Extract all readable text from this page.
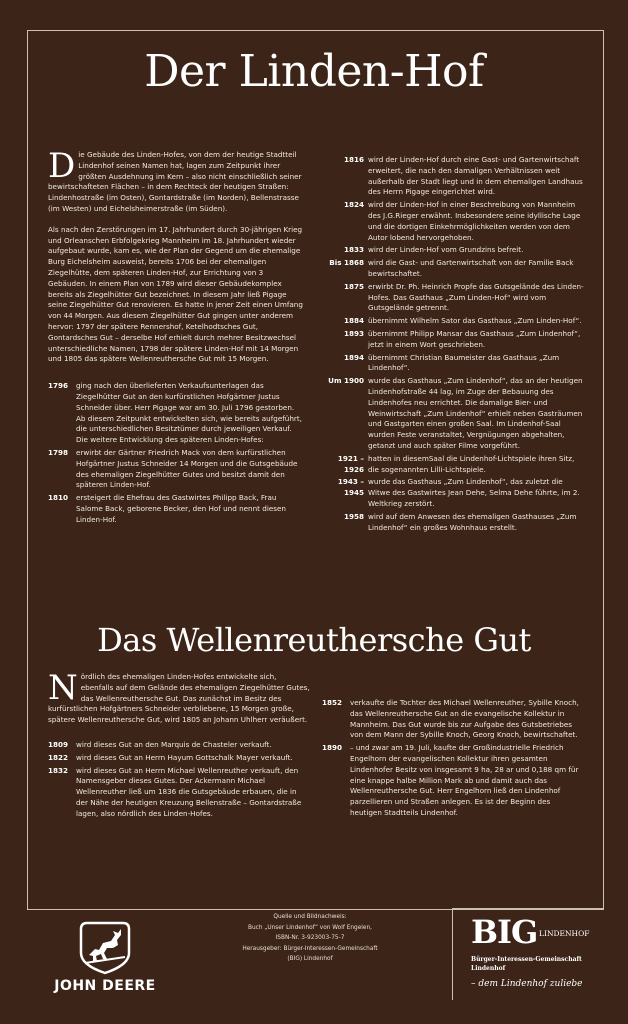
Der Linden-Hof

Die Gebäude des Linden-Hofes, von dem der heutige Stadtteil Lindenhof seinen Namen hat, lagen zum Zeitpunkt ihrer größten Ausdehnung im Kern – also nicht einschließlich seiner bewirtschafteten Flächen – in dem Rechteck der heutigen Straßen: Lindenhostraße (im Osten), Gontardstraße (im Norden), Bellenstrasse (im Westen) und Eichelsheimerstraße (im Süden).

Als nach den Zerstörungen im 17. Jahrhundert durch 30-jährigen Krieg und Orleanschen Erbfolgekrieg Mannheim im 18. Jahrhundert wieder aufgebaut wurde, kam es, wie der Plan der Gegend um die ehemalige Burg Eichelsheim ausweist, bereits 1706 bei der ehemaligen Ziegelhütte, dem späteren Linden-Hof, zur Errichtung von 3 Gebäuden. In einem Plan von 1789 wird dieser Gebäudekomplex bereits als Ziegelhütter Gut bezeichnet. In diesem Jahr ließ Pigage seine Ziegelhütter Gut renovieren. Es hatte in jener Zeit einen Umfang von 44 Morgen. Aus diesem Ziegelhütter Gut gingen unter anderem hervor: 1797 der spätere Rennershof, Ketelhodtsches Gut, Gontardsches Gut – derselbe Hof erhielt durch mehrer Besitzwechsel unterschiedliche Namen, 1798 der spätere Linden-Hof mit 14 Morgen und 1805 das spätere Wellenreuthersche Gut mit 15 Morgen.

1796 ging nach den überlieferten Verkaufsunterlagen das Ziegelhütter Gut an den kurfürstlichen Hofgärtner Justus Schneider über. Herr Pigage war am 30. Juli 1796 gestorben. Ab diesem Zeitpunkt entwickelten sich, wie bereits aufgeführt, die unterschiedlichen Besitztümer durch jeweiligen Verkauf. Die weitere Entwicklung des späteren Linden-Hofes:
1798 erwirbt der Gärtner Friedrich Mack von dem kurfürstlichen Hofgärtner Justus Schneider 14 Morgen und die Gutsgebäude des ehemaligen Ziegelhütter Gutes und besitzt damit den späteren Linden-Hof.
1810 ersteigert die Ehefrau des Gastwirtes Philipp Back, Frau Salome Back, geborene Becker, den Hof und nennt diesen Linden-Hof.
1816 wird der Linden-Hof durch eine Gast- und Gartenwirtschaft erweitert, die nach den damaligen Verhältnissen weit außerhalb der Stadt liegt und in dem ehemaligen Landhaus des Herrn Pigage eingerichtet wird.
1824 wird der Linden-Hof in einer Beschreibung von Mannheim des J.G.Rieger erwähnt. Insbesondere seine idyllische Lage und die dortigen Einkehrmöglichkeiten werden von dem Autor lobend hervorgehoben.
1833 wird der Linden-Hof vom Grundzins befreit.
Bis 1868 wird die Gast- und Gartenwirtschaft von der Familie Back bewirtschaftet.
1875 erwirbt Dr. Ph. Heinrich Propfe das Gutsgelände des Linden-Hofes. Das Gasthaus „Zum Linden-Hof“ wird vom Gutsgelände getrennt.
1884 übernimmt Wilhelm Sator das Gasthaus „Zum Linden-Hof“.
1893 übernimmt Philipp Mansar das Gasthaus „Zum Lindenhof“, jetzt in einem Wort geschrieben.
1894 übernimmt Christian Baumeister das Gasthaus „Zum Lindenhof“.
Um 1900 wurde das Gasthaus „Zum Lindenhof“, das an der heutigen Lindenhofstraße 44 lag, im Zuge der Bebauung des Lindenhofes neu errichtet. Die damalige Bier- und Weinwirtschaft „Zum Lindenhof“ erhielt neben Gasträumen und Gastgarten einen großen Saal. Im Lindenhof-Saal wurden Feste veranstaltet, Vergnügungen abgehalten, getanzt und auch später Filme vorgeführt.
1921 – 1926
hatten in diesemSaal die Lindenhof-Lichtspiele ihren Sitz, die sogenannten Lilli-Lichtspiele.
1943 – 1945
wurde das Gasthaus „Zum Lindenhof“, das zuletzt die Witwe des Gastwirtes Jean Dehe, Selma Dehe führte, im 2. Weltkrieg zerstört.
1958 wird auf dem Anwesen des ehemaligen Gasthauses „Zum Lindenhof“ ein großes Wohnhaus erstellt.
Das Wellenreuthersche Gut

Nördlich des ehemaligen Linden-Hofes entwickelte sich, ebenfalls auf dem Gelände des ehemaligen Ziegelhütter Gutes, das Wellenreuthersche Gut. Das zunächst im Besitz des kurfürstlichen Hofgärtners Schneider verbliebene, 15 Morgen große, spätere Wellenreuthersche Gut, wird 1805 an Johann Uhlherr veräußert.

1809 wird dieses Gut an den Marquis de Chasteler verkauft.
1822 wird dieses Gut an Herrn Hayum Gottschalk Mayer verkauft.
1832 wird dieses Gut an Herrn Michael Wellenreuther verkauft, den Namensgeber dieses Gutes. Der Ackermann Michael Wellenreuther ließ um 1836 die Gutsgebäude erbauen, die in der Nähe der heutigen Kreuzung Bellenstraße – Gontardstraße lagen, also nördlich des Linden-Hofes.
1852 verkaufte die Tochter des Michael Wellenreuther, Sybille Knoch, das Wellenreuthersche Gut an die evangelische Kollektur in Mannheim. Das Gut wurde bis zur Aufgabe des Gutsbetriebes von dem Mann der Sybille Knoch, Georg Knoch, bewirtschaftet.
1890 – und zwar am 19. Juli, kaufte der Großindustrielle Friedrich Engelhorn der evangelischen Kollektur ihren gesamten Lindenhofer Besitz von insgesamt 9 ha, 28 ar und 0,188 qm für eine knappe halbe Million Mark ab und damit auch das Wellenreuthersche Gut. Herr Engelhorn ließ den Lindenhof parzellieren und Straßen anlegen. Es ist der Beginn des heutigen Stadtteils Lindenhof.
JOHN DEERE
Quelle und Bildnachweis:
Buch „Unser Lindenhof“ von Wolf Engelen,
ISBN-Nr. 3-923003-75-7
Herausgeber: Bürger-Interessen-Gemeinschaft
(BIG) Lindenhof
BIG LINDENHOF
Bürger-Interessen-Gemeinschaft
Lindenhof
– dem Lindenhof zuliebe
